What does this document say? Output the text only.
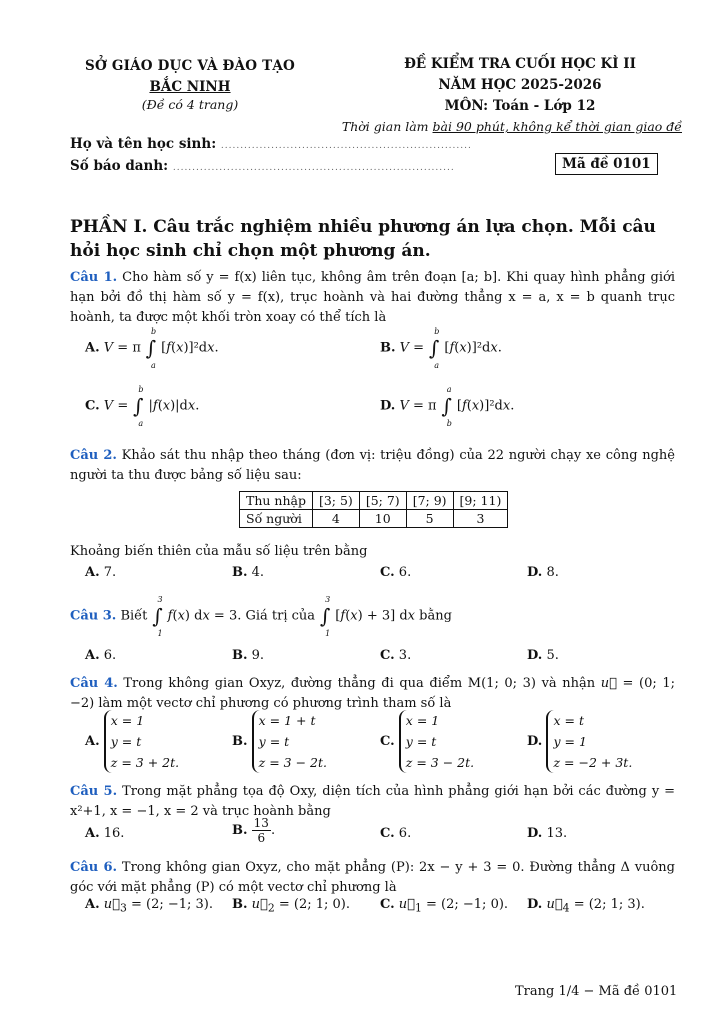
SỞ GIÁO DỤC VÀ ĐÀO TẠO
BẮC NINH
(Đề có 4 trang)
ĐỀ KIỂM TRA CUỐI HỌC KÌ II
NĂM HỌC 2025-2026
MÔN: Toán - Lớp 12
Thời gian làm bài 90 phút, không kể thời gian giao đề
Họ và tên học sinh: .................................................................
Số báo danh: .........................................................................	Mã đề 0101
PHẦN I. Câu trắc nghiệm nhiều phương án lựa chọn. Mỗi câu hỏi học sinh chỉ chọn một phương án.
Câu 1. Cho hàm số y = f(x) liên tục, không âm trên đoạn [a; b]. Khi quay hình phẳng giới hạn bởi đồ thị hàm số y = f(x), trục hoành và hai đường thẳng x = a, x = b quanh trục hoành, ta được một khối tròn xoay có thể tích là
A. V = π ∫
b
a
[f(x)]²dx.	B. V = ∫
b
a
[f(x)]²dx.
C. V = ∫
b
a
|f(x)|dx.	D. V = π ∫
a
b
[f(x)]²dx.
Câu 2. Khảo sát thu nhập theo tháng (đơn vị: triệu đồng) của 22 người chạy xe công nghệ người ta thu được bảng số liệu sau:
Thu nhập	[3; 5)	[5; 7)	[7; 9)	[9; 11)
Số người	4	10	5	3
Khoảng biến thiên của mẫu số liệu trên bằng
A. 7.	B. 4.	C. 6.	D. 8.
Câu 3. Biết ∫
3
1
f(x) dx = 3. Giá trị của ∫
3
1
[f(x) + 3] dx bằng
A. 6.	B. 9.	C. 3.	D. 5.
Câu 4. Trong không gian Oxyz, đường thẳng đi qua điểm M(1; 0; 3) và nhận u⃗ = (0; 1; −2) làm một vectơ chỉ phương có phương trình tham số là
A. x = 1
y = t
z = 3 + 2t.
B. x = 1 + t
y = t
z = 3 − 2t.
C. x = 1
y = t
z = 3 − 2t.
D. x = t
y = 1
z = −2 + 3t.
Câu 5. Trong mặt phẳng tọa độ Oxy, diện tích của hình phẳng giới hạn bởi các đường y = x²+1, x = −1, x = 2 và trục hoành bằng
A. 16.	B. $\frac{13}{6}$ .	C. 6.	D. 13.
Câu 6. Trong không gian Oxyz, cho mặt phẳng (P): 2x − y + 3 = 0. Đường thẳng Δ vuông góc với mặt phẳng (P) có một vectơ chỉ phương là
A. $u⃗_3 = (2$; −1; 3). B. $u⃗_2 = (2$; 1; 0). C. $u⃗_1 = (2$; −1; 0). D. $u⃗_4 = (2$; 1; 3).
Trang 1/4 − Mã đề 0101
